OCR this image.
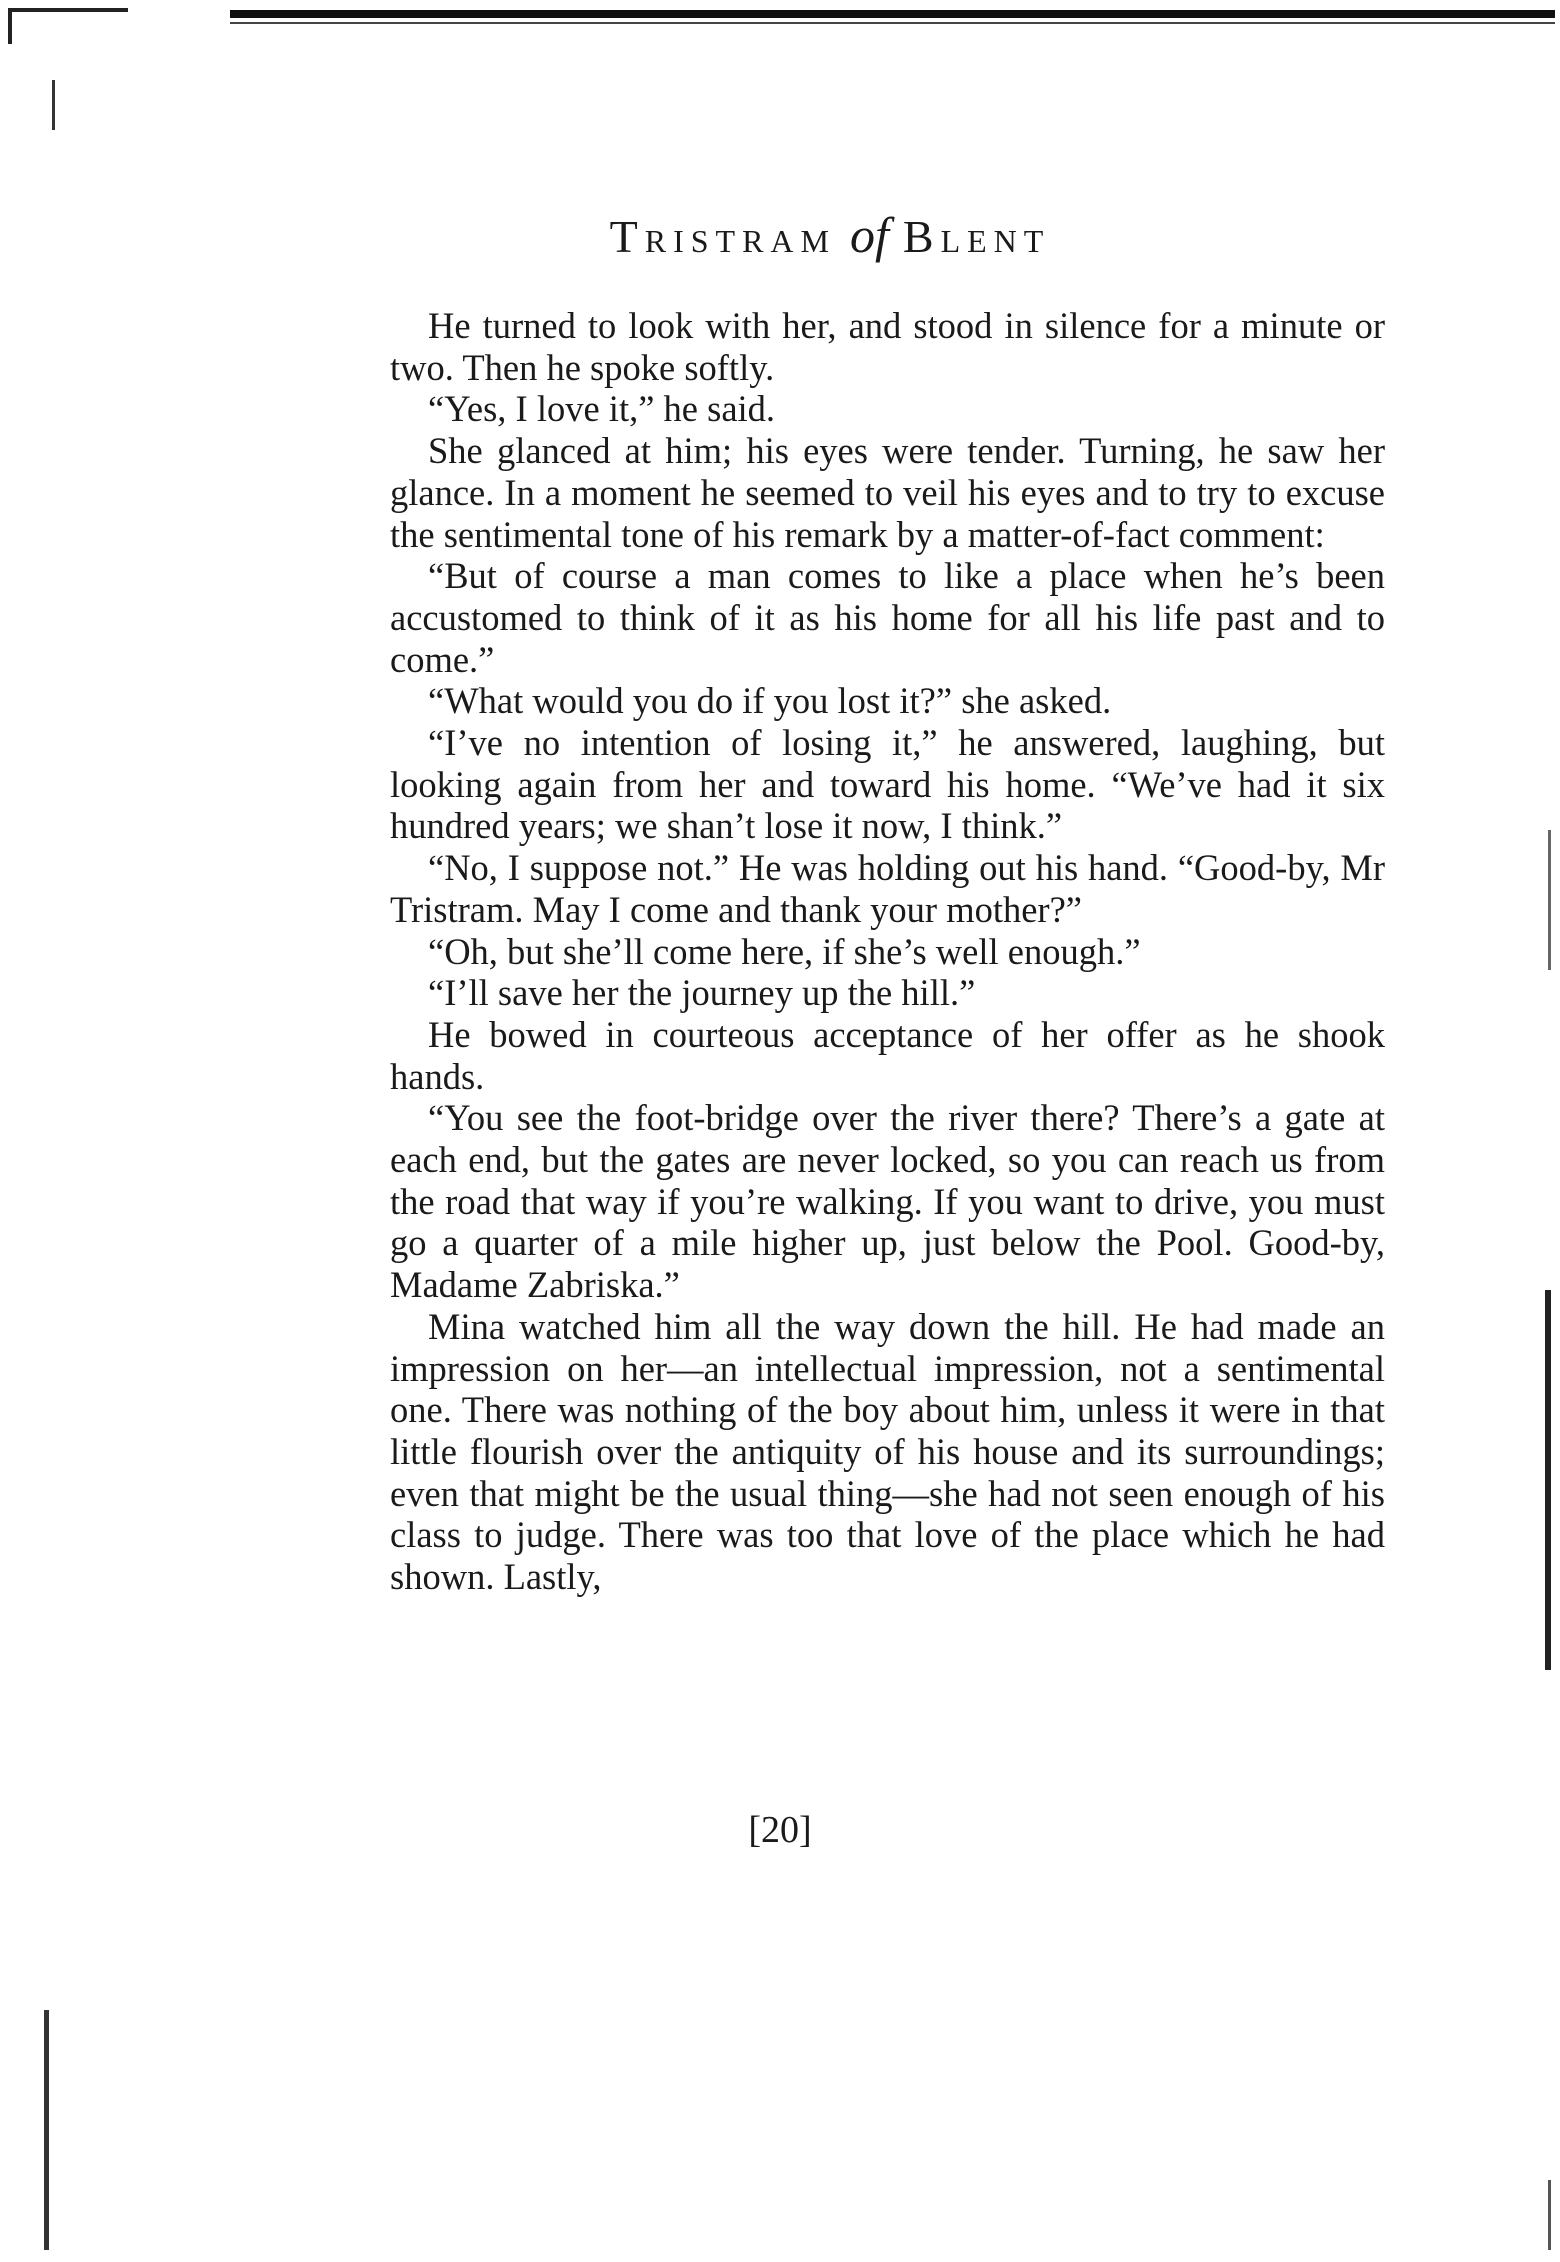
Tristram of Blent

He turned to look with her, and stood in silence for a minute or two. Then he spoke softly.

“Yes, I love it,” he said.

She glanced at him; his eyes were tender. Turning, he saw her glance. In a moment he seemed to veil his eyes and to try to excuse the sentimental tone of his remark by a matter-of-fact comment:

“But of course a man comes to like a place when he’s been accustomed to think of it as his home for all his life past and to come.”

“What would you do if you lost it?” she asked.

“I’ve no intention of losing it,” he answered, laughing, but looking again from her and toward his home. “We’ve had it six hundred years; we shan’t lose it now, I think.”

“No, I suppose not.” He was holding out his hand. “Good-by, Mr Tristram. May I come and thank your mother?”

“Oh, but she’ll come here, if she’s well enough.”

“I’ll save her the journey up the hill.”

He bowed in courteous acceptance of her offer as he shook hands.

“You see the foot-bridge over the river there? There’s a gate at each end, but the gates are never locked, so you can reach us from the road that way if you’re walking. If you want to drive, you must go a quarter of a mile higher up, just below the Pool. Good-by, Madame Zabriska.”

Mina watched him all the way down the hill. He had made an impression on her—an intellectual impression, not a sentimental one. There was nothing of the boy about him, unless it were in that little flourish over the antiquity of his house and its surroundings; even that might be the usual thing—she had not seen enough of his class to judge. There was too that love of the place which he had shown. Lastly,

[20]
